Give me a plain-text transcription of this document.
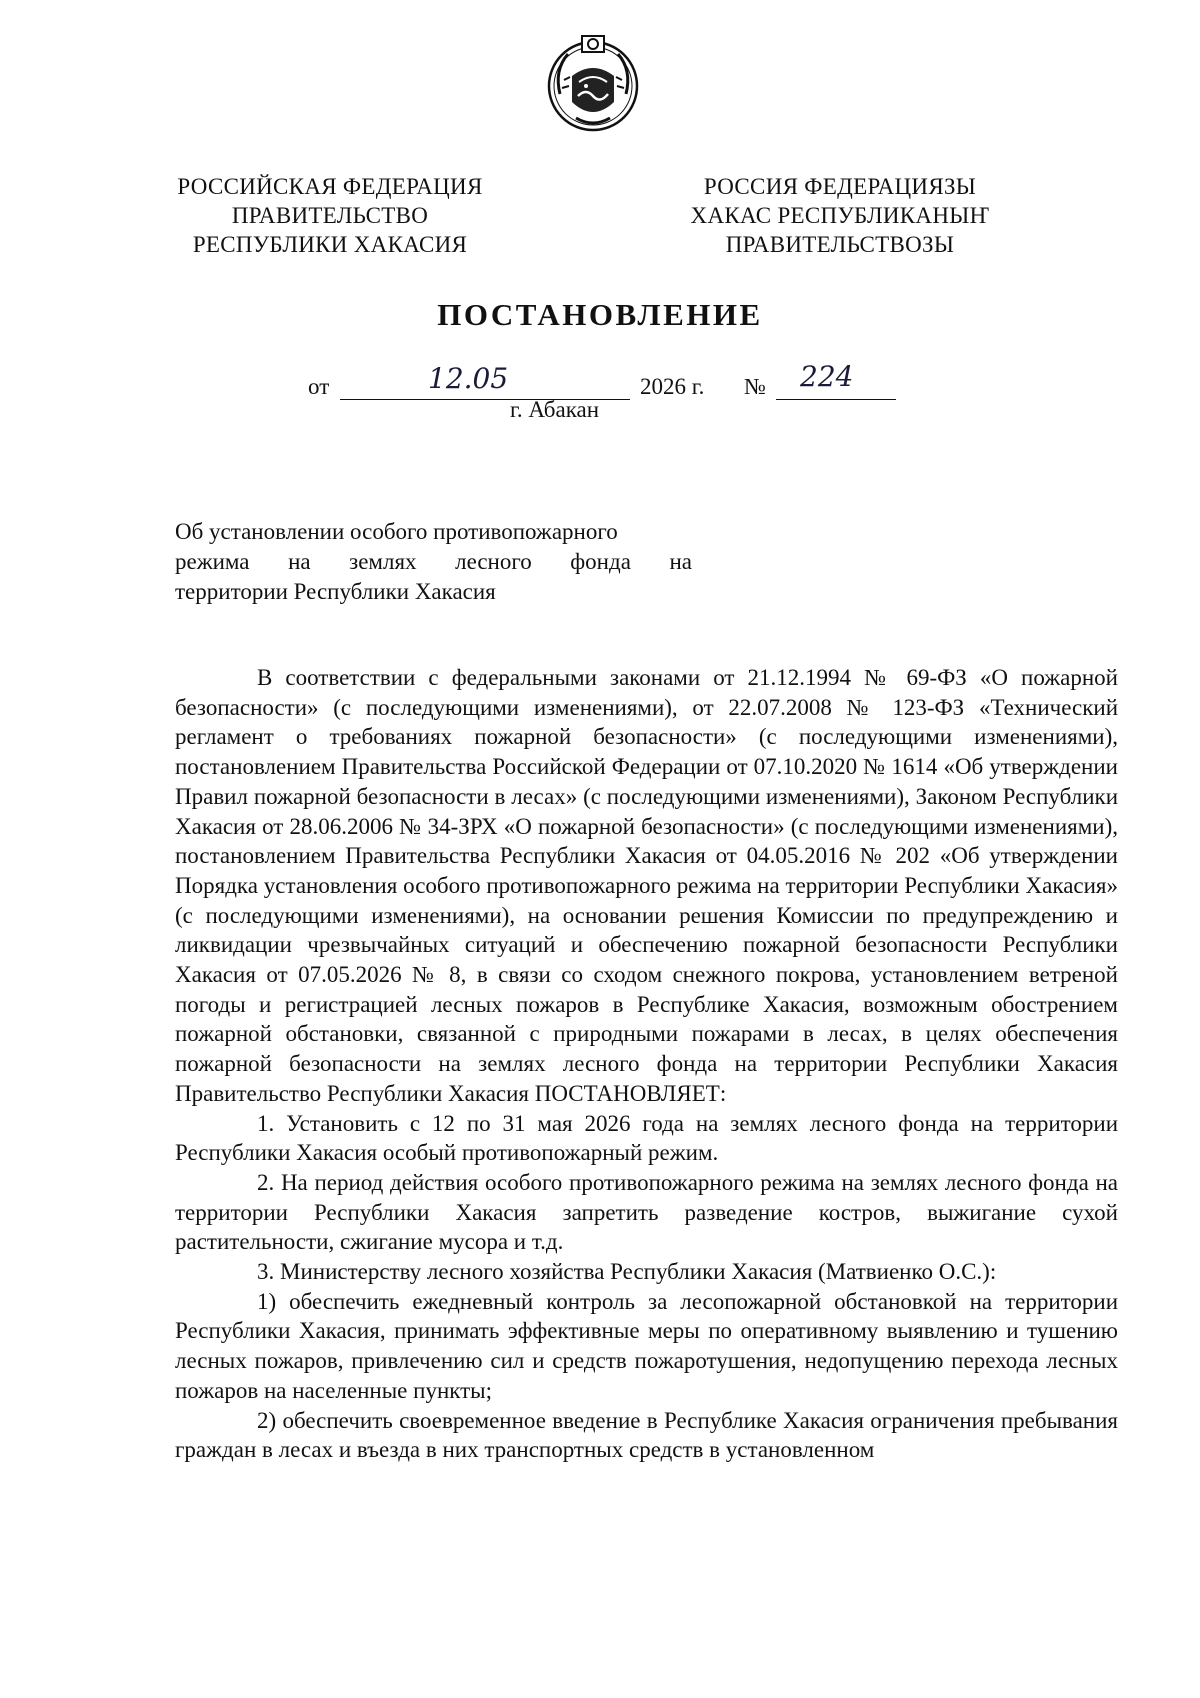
РОССИЙСКАЯ ФЕДЕРАЦИЯ
ПРАВИТЕЛЬСТВО
РЕСПУБЛИКИ ХАКАСИЯ
РОССИЯ ФЕДЕРАЦИЯЗЫ
ХАКАС РЕСПУБЛИКАНЫҤ
ПРАВИТЕЛЬСТВОЗЫ
ПОСТАНОВЛЕНИЕ
от	12.05	2026 г. № 224
г. Абакан
Об установлении особого противопожарного
режима на землях лесного фонда на
территории Республики Хакасия

В соответствии с федеральными законами от 21.12.1994 № 69-ФЗ «О пожарной безопасности» (с последующими изменениями), от 22.07.2008 № 123-ФЗ «Технический регламент о требованиях пожарной безопасности» (с последующими изменениями), постановлением Правительства Российской Федерации от 07.10.2020 № 1614 «Об утверждении Правил пожарной безопасности в лесах» (с последующими изменениями), Законом Республики Хакасия от 28.06.2006 № 34-ЗРХ «О пожарной безопасности» (с последующими изменениями), постановлением Правительства Республики Хакасия от 04.05.2016 № 202 «Об утверждении Порядка установления особого противопожарного режима на территории Республики Хакасия» (с последующими изменениями), на основании решения Комиссии по предупреждению и ликвидации чрезвычайных ситуаций и обеспечению пожарной безопасности Республики Хакасия от 07.05.2026 № 8, в связи со сходом снежного покрова, установлением ветреной погоды и регистрацией лесных пожаров в Республике Хакасия, возможным обострением пожарной обстановки, связанной с природными пожарами в лесах, в целях обеспечения пожарной безопасности на землях лесного фонда на территории Республики Хакасия Правительство Республики Хакасия ПОСТАНОВЛЯЕТ:

1. Установить с 12 по 31 мая 2026 года на землях лесного фонда на территории Республики Хакасия особый противопожарный режим.

2. На период действия особого противопожарного режима на землях лесного фонда на территории Республики Хакасия запретить разведение костров, выжигание сухой растительности, сжигание мусора и т.д.

3. Министерству лесного хозяйства Республики Хакасия (Матвиенко О.С.):

1) обеспечить ежедневный контроль за лесопожарной обстановкой на территории Республики Хакасия, принимать эффективные меры по оперативному выявлению и тушению лесных пожаров, привлечению сил и средств пожаротушения, недопущению перехода лесных пожаров на населенные пункты;

2) обеспечить своевременное введение в Республике Хакасия ограничения пребывания граждан в лесах и въезда в них транспортных средств в установленном
